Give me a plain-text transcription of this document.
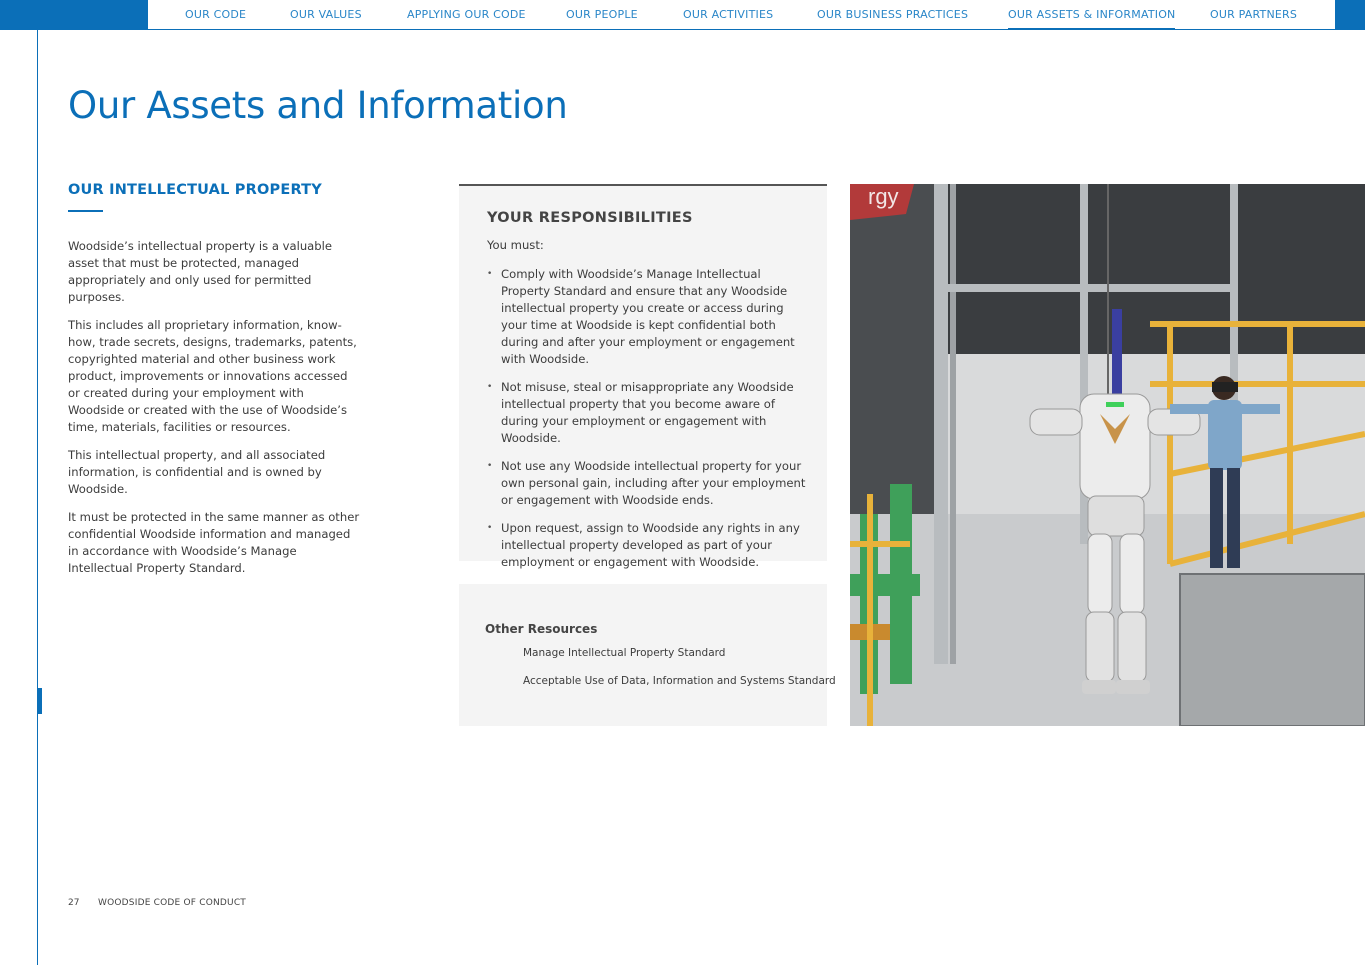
OUR CODE	OUR VALUES	APPLYING OUR CODE	OUR PEOPLE	OUR ACTIVITIES	OUR BUSINESS PRACTICES	OUR ASSETS & INFORMATION	OUR PARTNERS
Our Assets and Information
OUR INTELLECTUAL PROPERTY

Woodside’s intellectual property is a valuable asset that must be protected, managed appropriately and only used for permitted purposes.

This includes all proprietary information, know-how, trade secrets, designs, trademarks, patents, copyrighted material and other business work product, improvements or innovations accessed or created during your employment with Woodside or created with the use of Woodside’s time, materials, facilities or resources.

This intellectual property, and all associated information, is confidential and is owned by Woodside.

It must be protected in the same manner as other confidential Woodside information and managed in accordance with Woodside’s Manage Intellectual Property Standard.

YOUR RESPONSIBILITIES
You must:
• Comply with Woodside’s Manage Intellectual Property Standard and ensure that any Woodside intellectual property you create or access during your time at Woodside is kept confidential both during and after your employment or engagement with Woodside.
• Not misuse, steal or misappropriate any Woodside intellectual property that you become aware of during your employment or engagement with Woodside.
• Not use any Woodside intellectual property for your own personal gain, including after your employment or engagement with Woodside ends.
• Upon request, assign to Woodside any rights in any intellectual property developed as part of your employment or engagement with Woodside.
Other Resources
Manage Intellectual Property Standard
Acceptable Use of Data, Information and Systems Standard
rgy
27 WOODSIDE CODE OF CONDUCT
